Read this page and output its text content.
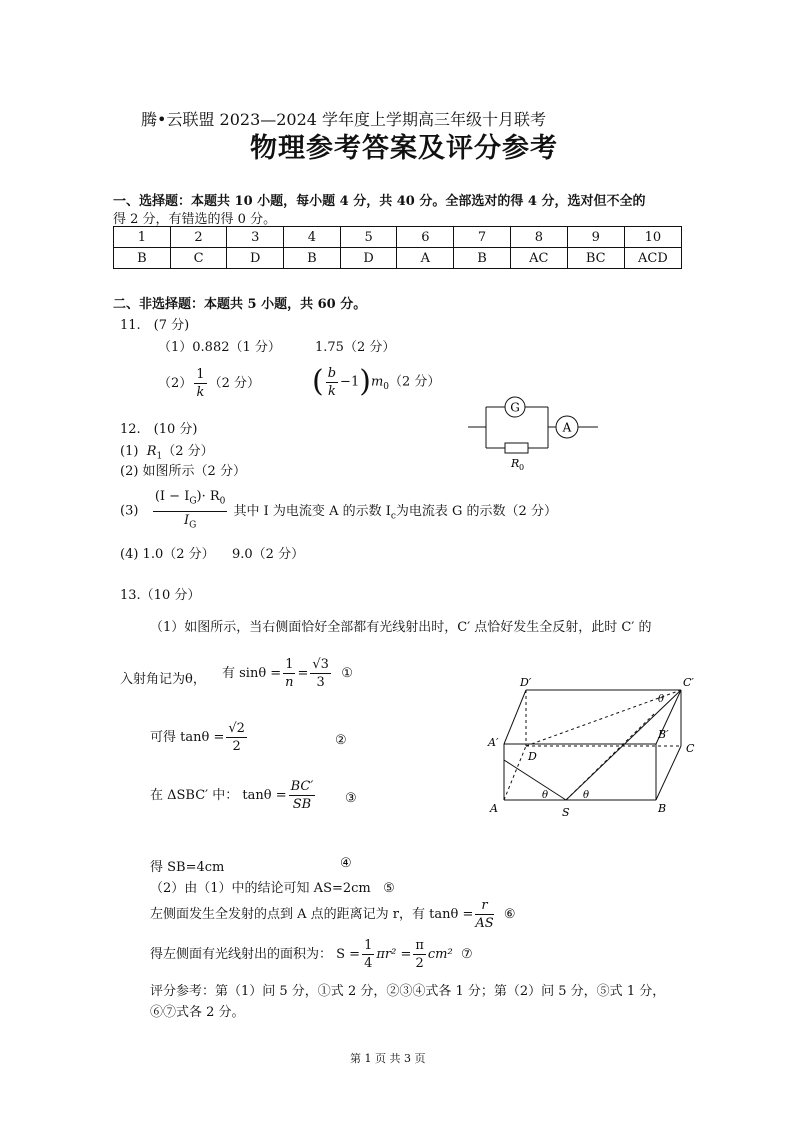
腾•云联盟 2023—2024 学年度上学期高三年级十月联考
物理参考答案及评分参考
一、选择题：本题共 10 小题，每小题 4 分，共 40 分。全部选对的得 4 分，选对但不全的
得 2 分，有错选的得 0 分。
1	2	3	4	5	6	7	8	9	10
B	C	D	B	D	A	B	AC	BC	ACD
二、非选择题：本题共 5 小题，共 60 分。
11.　(7 分)
（1）0.882（1 分）	1.75（2 分）
$(2) \frac{1}{k} (2$ 分） ( $\frac{b}{k} -1)m_0(2$ 分）
12.　(10 分)
(1) $R_1(2$ 分）
(2) 如图所示（2 分）
$(3) \frac{(I - I_G)\cdot R_0}{I_G}$ 其中 I 为电流变 A 的示数 $I_c$为电流表 G 的示数（2 分）
(4) 1.0（2 分） 9.0（2 分）
G
A
R 0
13.（10 分）
（1）如图所示，当右侧面恰好全部都有光线射出时，C′ 点恰好发生全反射，此时 C′ 的
入射角记为θ， 有 $\sin\theta = \frac{1}{n} = \frac{√3}{3}$ ①
可得 $\tan\theta = \frac{√2}{2}$	②
在 ΔSBC′ 中： $\tan\theta = \frac{BC'}{SB}$ ③
得 SB=4cm	④
（2）由（1）中的结论可知 AS=2cm ⑤
左侧面发生全发射的点到 A 点的距离记为 r，有 $\tan\theta = \frac{r}{AS}$ ⑥
得左侧面有光线射出的面积为： $S = \frac{1}{4} \pi r^2 = \frac{\pi}{2} cm^2$ ⑦
评分参考：第（1）问 5 分，①式 2 分，②③④式各 1 分；第（2）问 5 分，⑤式 1 分，
⑥⑦式各 2 分。
D′	C′
A′
B′
C
D
A	B
S
θ
θ	θ
第 1 页 共 3 页
